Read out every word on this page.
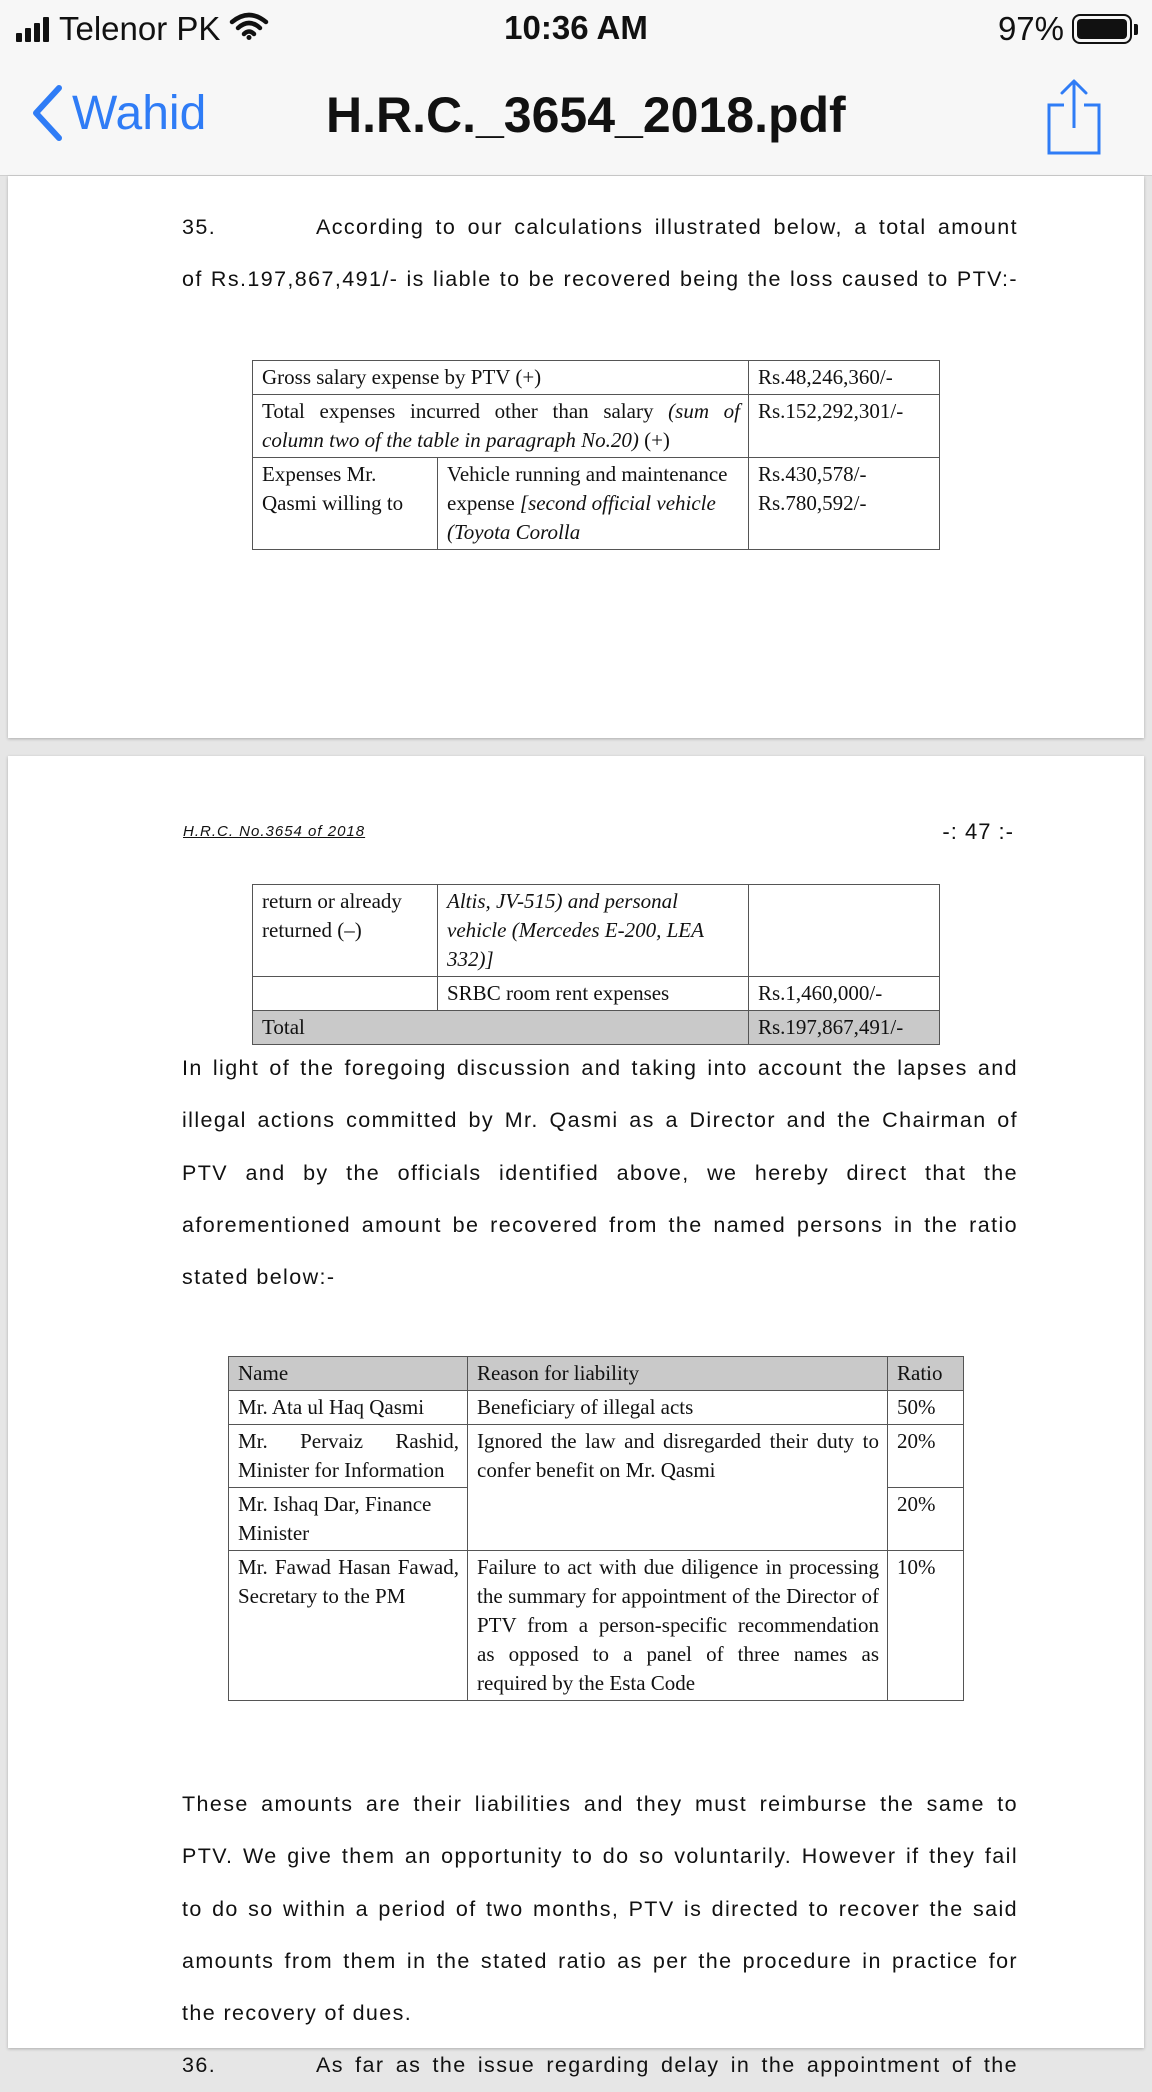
Telenor PK	10:36 AM	97%
Wahid H.R.C._3654_2018.pdf
35.	According to our calculations illustrated below, a total amount
of Rs.197,867,491/- is liable to be recovered being the loss caused to PTV:-
Gross salary expense by PTV (+)		Rs.48,246,360/-
Total expenses incurred other than salary (sum of column two of the table in paragraph No.20) (+)		Rs.152,292,301/-
Expenses Mr. Qasmi willing to	Vehicle running and maintenance expense [second official vehicle (Toyota Corolla	Rs.430,578/-
Rs.780,592/-
H.R.C. No.3654 of 2018	-: 47 :-
return or already returned (–)	Altis, JV-515) and personal vehicle (Mercedes E-200, LEA 332)]	
	SRBC room rent expenses	Rs.1,460,000/-
Total		Rs.197,867,491/-
In light of the foregoing discussion and taking into account the lapses and
illegal actions committed by Mr. Qasmi as a Director and the Chairman of
PTV and by the officials identified above, we hereby direct that the
aforementioned amount be recovered from the named persons in the ratio
stated below:-
Name	Reason for liability	Ratio
Mr. Ata ul Haq Qasmi	Beneficiary of illegal acts	50%
Mr. Pervaiz Rashid, Minister for Information	Ignored the law and disregarded their duty to confer benefit on Mr. Qasmi	20%
Mr. Ishaq Dar, Finance Minister		20%
Mr. Fawad Hasan Fawad, Secretary to the PM	Failure to act with due diligence in processing the summary for appointment of the Director of PTV from a person-specific recommendation as opposed to a panel of three names as required by the Esta Code	10%
These amounts are their liabilities and they must reimburse the same to
PTV. We give them an opportunity to do so voluntarily. However if they fail
to do so within a period of two months, PTV is directed to recover the said
amounts from them in the stated ratio as per the procedure in practice for
the recovery of dues.
36.	As far as the issue regarding delay in the appointment of the
